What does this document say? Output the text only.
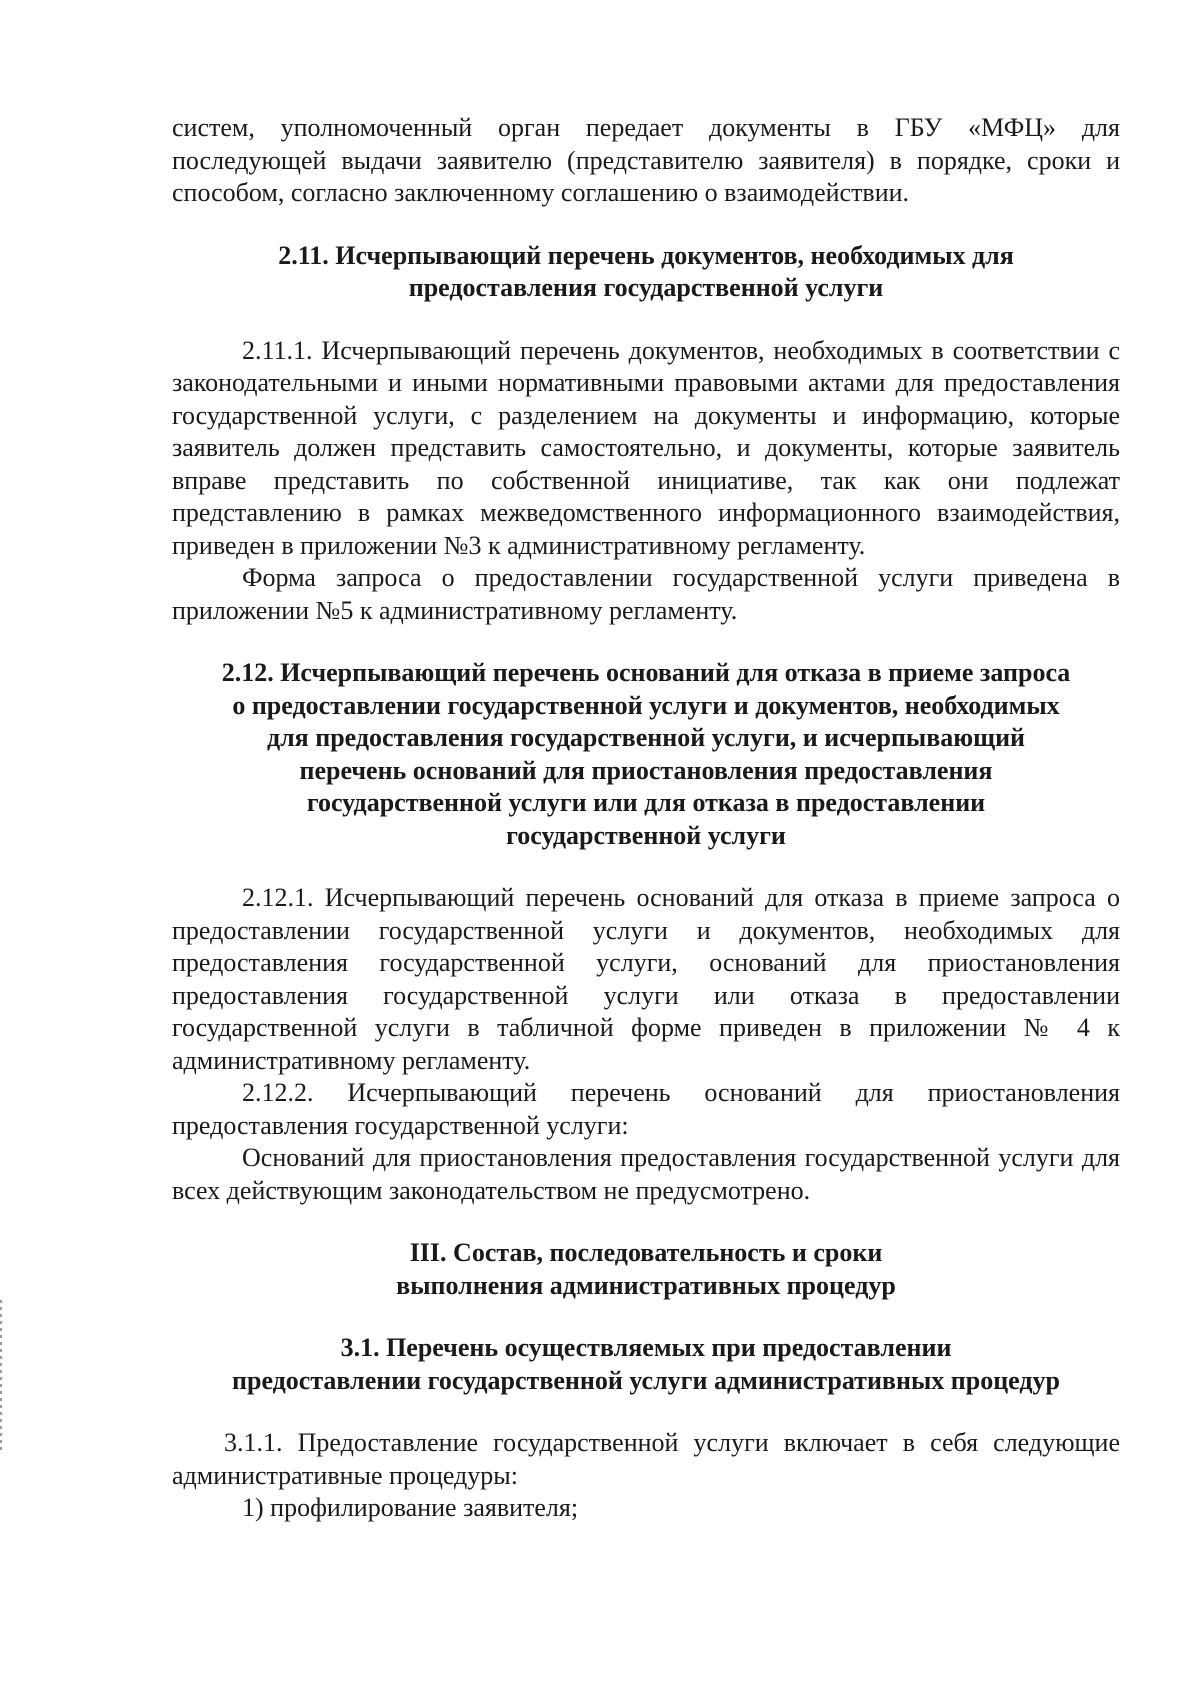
систем, уполномоченный орган передает документы в ГБУ «МФЦ» для последующей выдачи заявителю (представителю заявителя) в порядке, сроки и способом, согласно заключенному соглашению о взаимодействии.

2.11. Исчерпывающий перечень документов, необходимых для
предоставления государственной услуги

2.11.1. Исчерпывающий перечень документов, необходимых в соответствии с законодательными и иными нормативными правовыми актами для предоставления государственной услуги, с разделением на документы и информацию, которые заявитель должен представить самостоятельно, и документы, которые заявитель вправе представить по собственной инициативе, так как они подлежат представлению в рамках межведомственного информационного взаимодействия, приведен в приложении №3 к административному регламенту.

Форма запроса о предоставлении государственной услуги приведена в приложении №5 к административному регламенту.

2.12. Исчерпывающий перечень оснований для отказа в приеме запроса
о предоставлении государственной услуги и документов, необходимых
для предоставления государственной услуги, и исчерпывающий
перечень оснований для приостановления предоставления
государственной услуги или для отказа в предоставлении
государственной услуги

2.12.1. Исчерпывающий перечень оснований для отказа в приеме запроса о предоставлении государственной услуги и документов, необходимых для предоставления государственной услуги, оснований для приостановления предоставления государственной услуги или отказа в предоставлении государственной услуги в табличной форме приведен в приложении № 4 к административному регламенту.

2.12.2. Исчерпывающий перечень оснований для приостановления предоставления государственной услуги:

Оснований для приостановления предоставления государственной услуги для всех действующим законодательством не предусмотрено.

III. Состав, последовательность и сроки
выполнения административных процедур
3.1. Перечень осуществляемых при предоставлении
предоставлении государственной услуги административных процедур

3.1.1. Предоставление государственной услуги включает в себя следующие административные процедуры:

1) профилирование заявителя;
